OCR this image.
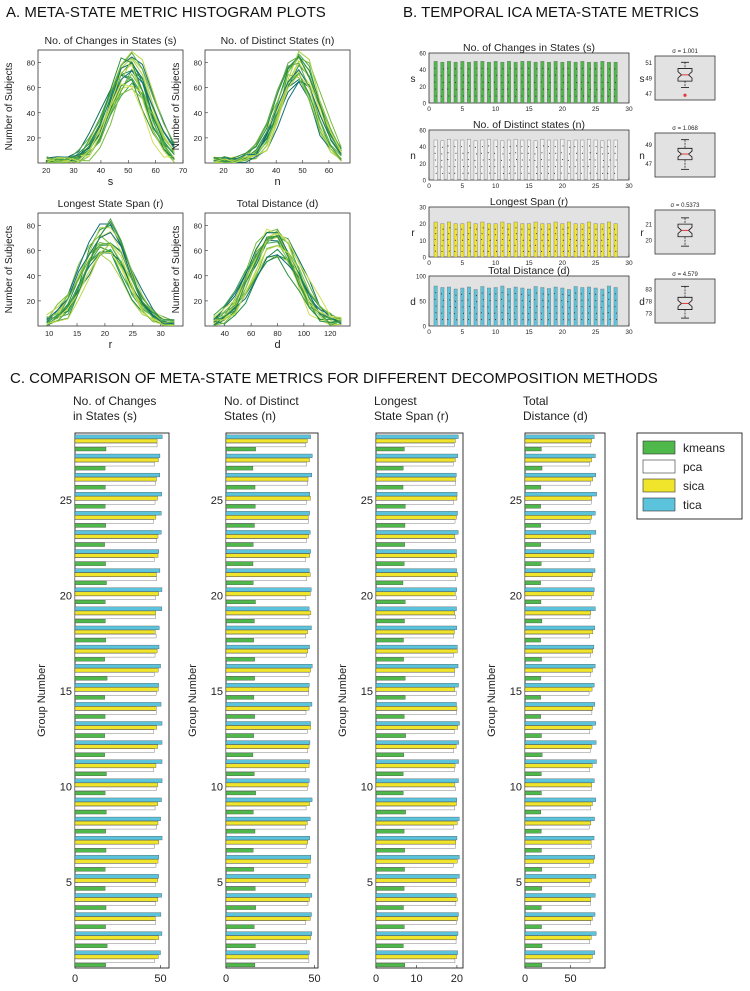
A. META-STATE METRIC HISTOGRAM PLOTS	B. TEMPORAL ICA META-STATE METRICS
C. COMPARISON OF META-STATE METRICS FOR DIFFERENT DECOMPOSITION METHODS
No. of Changes in States (s)
s
Number of Subjects
20	30	40	50	60	70
20
40
60
80
No. of Distinct States (n)
n
Number of Subjects
20 30 40 50 60
20
40
60
80
Longest State Span (r)
r
Number of Subjects
10	15	20	25	30
20
40
60
80
Total Distance (d)
d
Number of Subjects
40 60 80 100 120
20
40
60
80
No. of Changes in States (s)
s
0	5	10	15	20	25	30
0
20
40
60	σ = 1.001
s
47
49
51
No. of Distinct states (n)
n
0	5	10	15	20	25	30
0
20
40
60	σ = 1.068
n
47
49
Longest Span (r)
r
0	5	10	15	20	25	30
0
10
20
30	σ = 0.5373
r
20
21
Total Distance (d)
d
0	5	10	15	20	25	30
0
50
100	σ = 4.579
d
73
78
83
No. of Changes
in States (s)
Group Number
5
10
15
20
25
0	50
No. of Distinct
States (n)
Group Number
5
10
15
20
25
0	50
Longest
State Span (r)
Group Number
5
10
15
20
25
0	10	20
Total
Distance (d)
Group Number
5
10
15
20
25
0	50
kmeans
pca
sica
tica
